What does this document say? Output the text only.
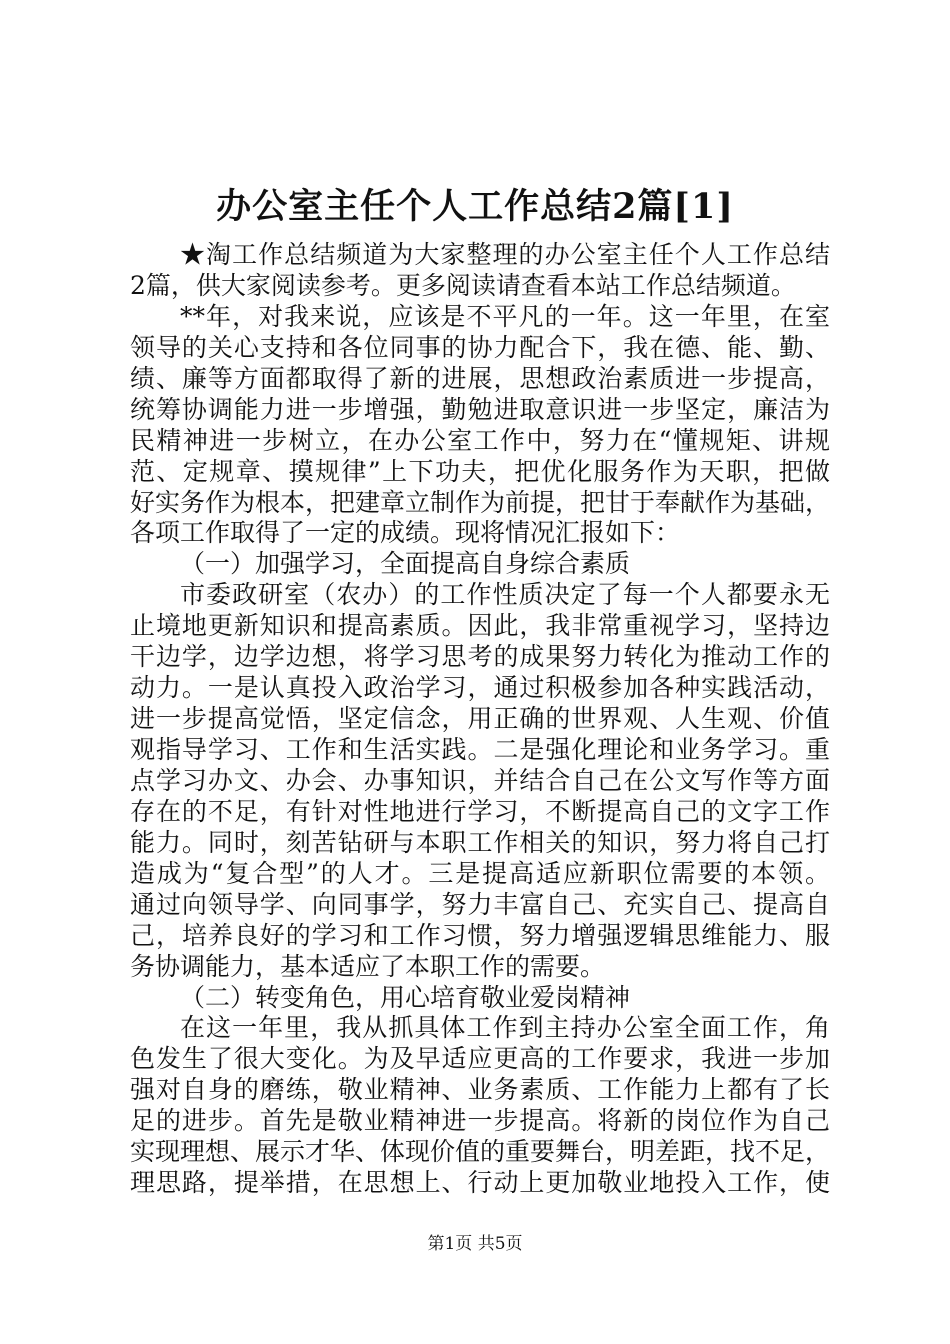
办公室主任个人工作总结2篇[1]
★淘工作总结频道为大家整理的办公室主任个人工作总结
2篇，供大家阅读参考。更多阅读请查看本站工作总结频道。
**年，对我来说，应该是不平凡的一年。这一年里，在室
领导的关心支持和各位同事的协力配合下，我在德、能、勤、
绩、廉等方面都取得了新的进展，思想政治素质进一步提高，
统筹协调能力进一步增强，勤勉进取意识进一步坚定，廉洁为
民精神进一步树立，在办公室工作中，努力在“懂规矩、讲规
范、定规章、摸规律”上下功夫，把优化服务作为天职，把做
好实务作为根本，把建章立制作为前提，把甘于奉献作为基础，
各项工作取得了一定的成绩。现将情况汇报如下：
（一）加强学习，全面提高自身综合素质
市委政研室（农办）的工作性质决定了每一个人都要永无
止境地更新知识和提高素质。因此，我非常重视学习，坚持边
干边学，边学边想，将学习思考的成果努力转化为推动工作的
动力。一是认真投入政治学习，通过积极参加各种实践活动，
进一步提高觉悟，坚定信念，用正确的世界观、人生观、价值
观指导学习、工作和生活实践。二是强化理论和业务学习。重
点学习办文、办会、办事知识，并结合自己在公文写作等方面
存在的不足，有针对性地进行学习，不断提高自己的文字工作
能力。同时，刻苦钻研与本职工作相关的知识，努力将自己打
造成为“复合型”的人才。三是提高适应新职位需要的本领。
通过向领导学、向同事学，努力丰富自己、充实自己、提高自
己，培养良好的学习和工作习惯，努力增强逻辑思维能力、服
务协调能力，基本适应了本职工作的需要。
（二）转变角色，用心培育敬业爱岗精神
在这一年里，我从抓具体工作到主持办公室全面工作，角
色发生了很大变化。为及早适应更高的工作要求，我进一步加
强对自身的磨练，敬业精神、业务素质、工作能力上都有了长
足的进步。首先是敬业精神进一步提高。将新的岗位作为自己
实现理想、展示才华、体现价值的重要舞台，明差距，找不足，
理思路，提举措，在思想上、行动上更加敬业地投入工作，使
第1页 共5页
